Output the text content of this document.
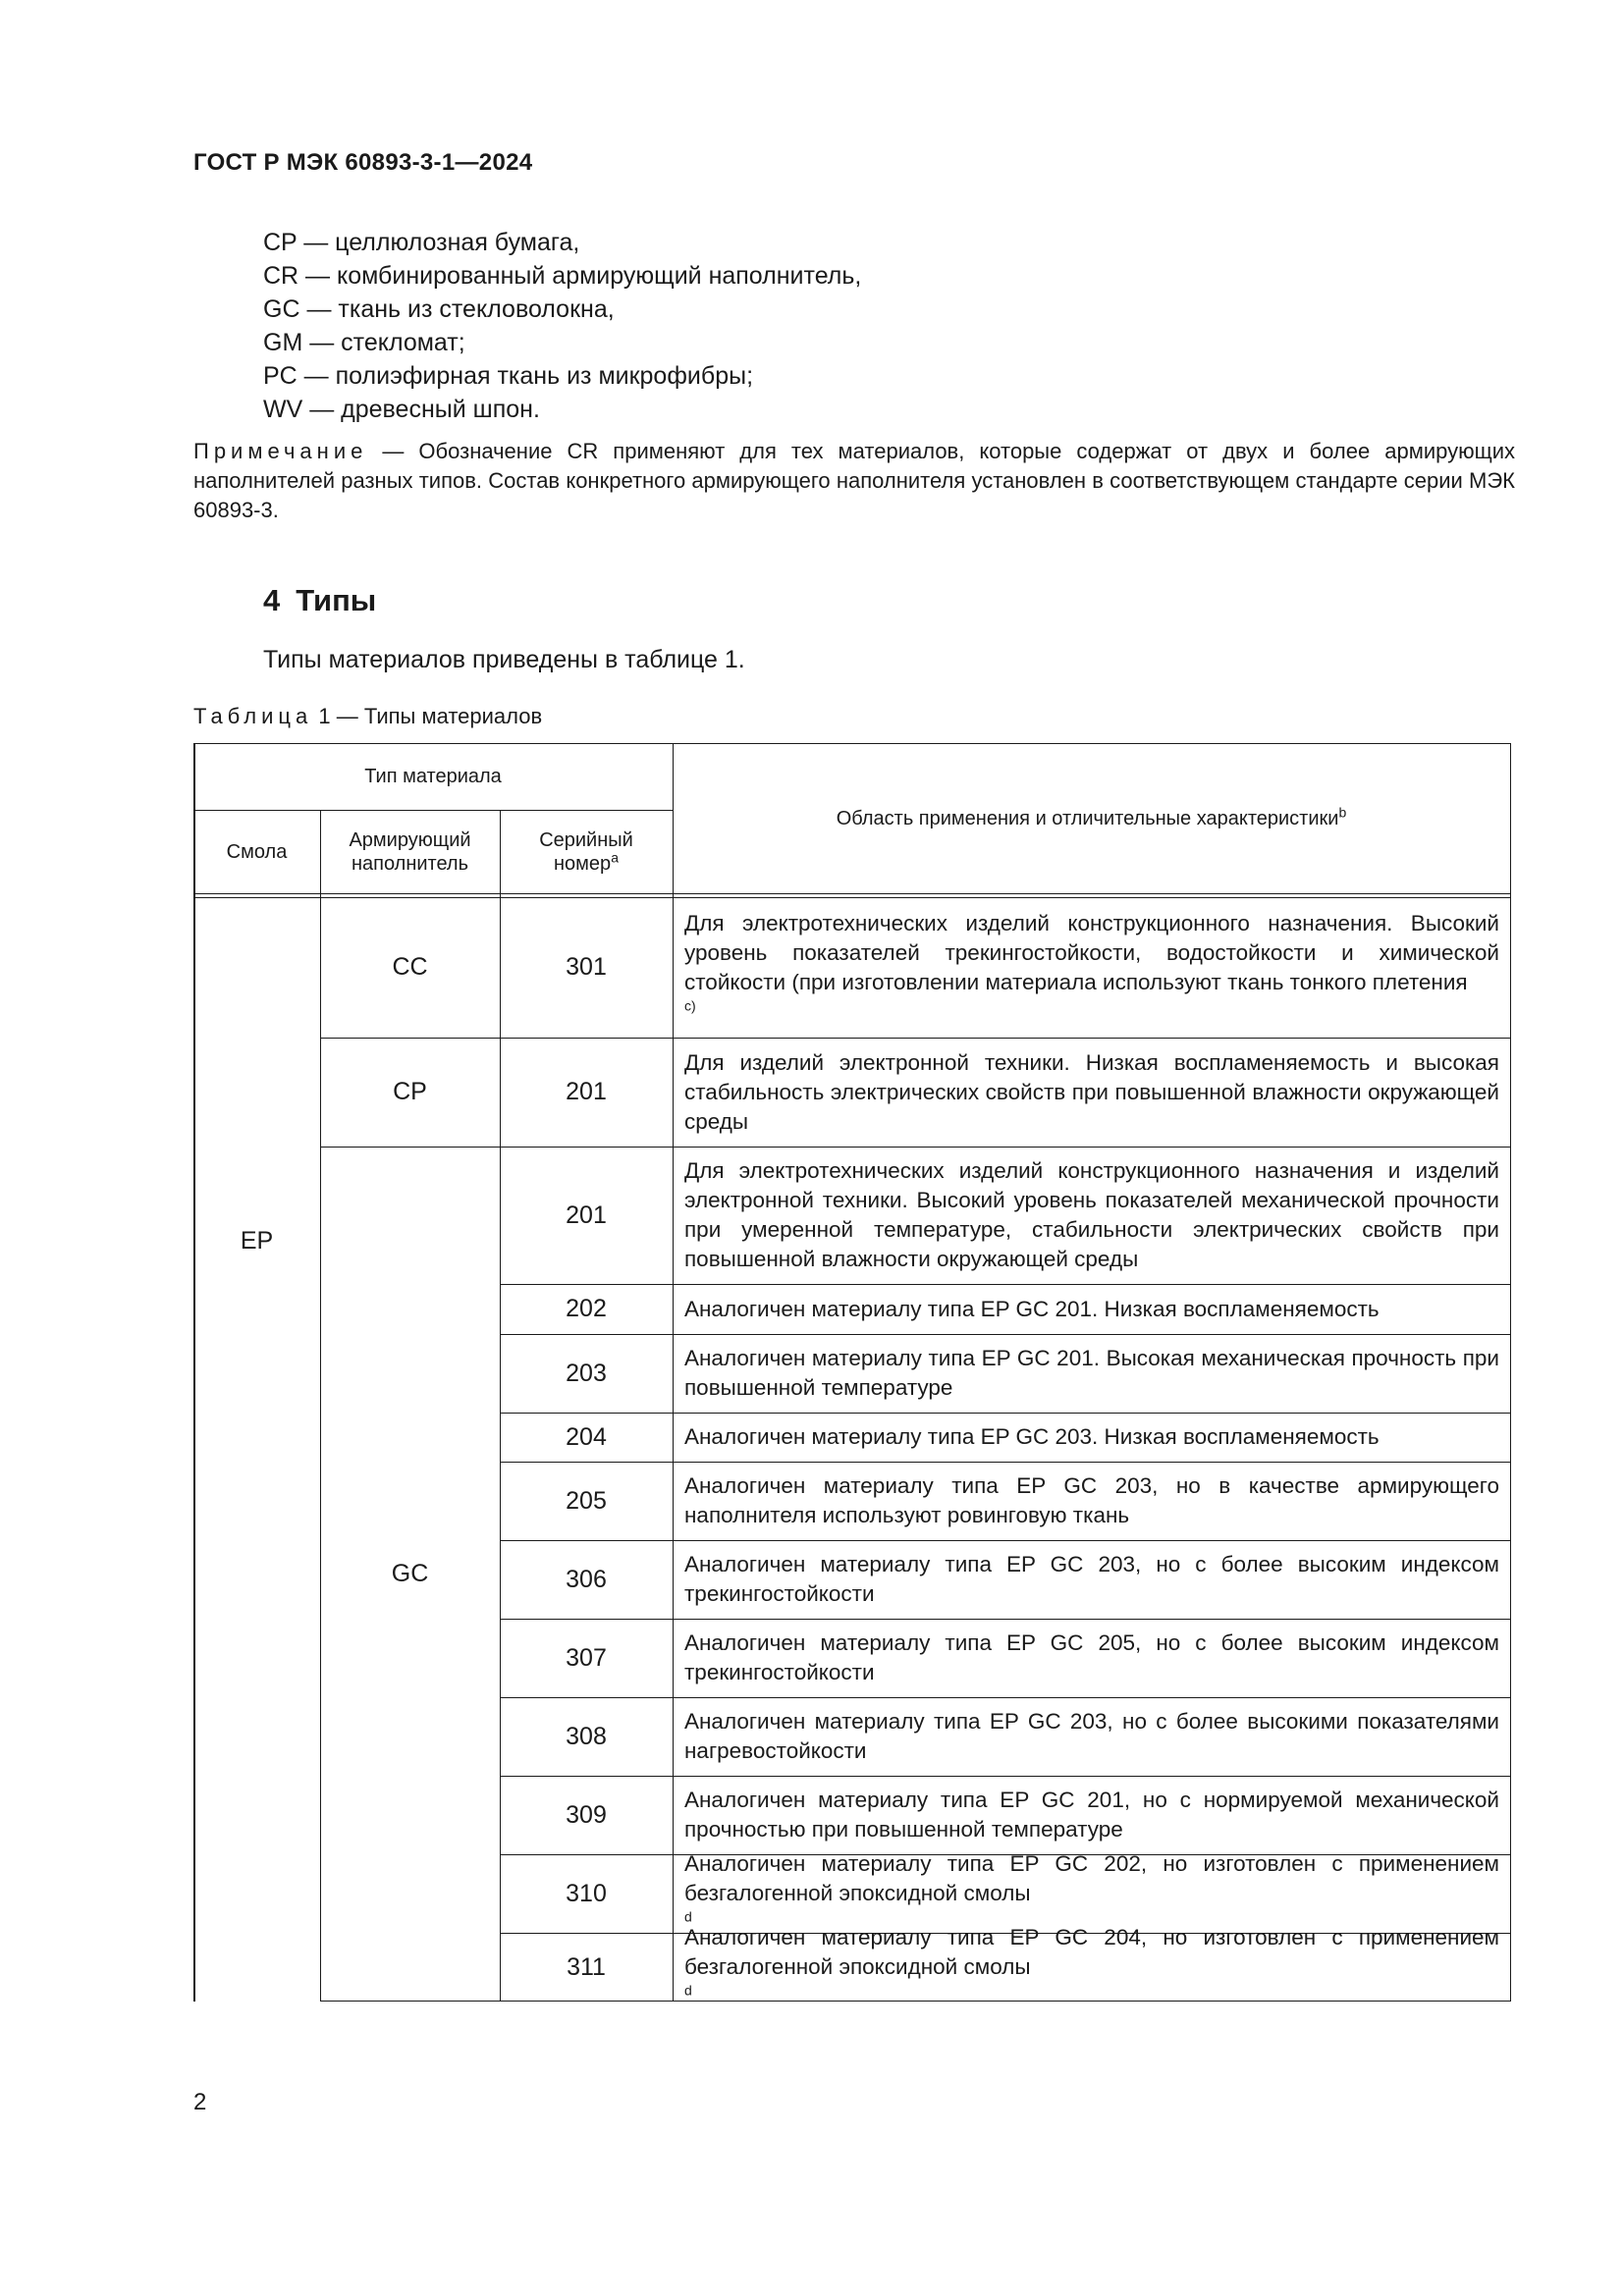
ГОСТ Р МЭК 60893-3-1—2024
CP — целлюлозная бумага,
CR — комбинированный армирующий наполнитель,
GC — ткань из стекловолокна,
GM — стекломат;
PC — полиэфирная ткань из микрофибры;
WV — древесный шпон.
Примечание — Обозначение CR применяют для тех материалов, которые содержат от двух и более армирующих наполнителей разных типов. Состав конкретного армирующего наполнителя установлен в соответствующем стандарте серии МЭК 60893-3.
4 Типы
Типы материалов приведены в таблице 1.
Таблица 1 — Типы материалов
Тип материала
Смола
Армирующий
наполнитель
Серийный
номер$^a$
Область применения и отличительные характеристики$^b$
EP
CC
CP
GC
301
201
201
202
203
204
205
306
307
308
309
310
311
Для электротехнических изделий конструкционного назначения. Высокий уровень показателей трекингостойкости, водостойкости и химической стойкости (при изготовлении материала используют ткань тонкого плетения
$^{c)}$
Для изделий электронной техники. Низкая воспламеняемость и высокая стабильность электрических свойств при повышенной влажности окружающей среды
Для электротехнических изделий конструкционного назначения и изделий электронной техники. Высокий уровень показателей механической прочности при умеренной температуре, стабильности электрических свойств при повышенной влажности окружающей среды
Аналогичен материалу типа EP GC 201. Низкая воспламеняемость
Аналогичен материалу типа EP GC 201. Высокая механическая прочность при повышенной температуре
Аналогичен материалу типа EP GC 203. Низкая воспламеняемость
Аналогичен материалу типа EP GC 203, но в качестве армирующего наполнителя используют ровинговую ткань
Аналогичен материалу типа EP GC 203, но с более высоким индексом трекингостойкости
Аналогичен материалу типа EP GC 205, но с более высоким индексом трекингостойкости
Аналогичен материалу типа EP GC 203, но с более высокими показателями нагревостойкости
Аналогичен материалу типа EP GC 201, но с нормируемой механической прочностью при повышенной температуре
Аналогичен материалу типа EP GC 202, но изготовлен с применением безгалогенной эпоксидной смолы
$^d$
Аналогичен материалу типа EP GC 204, но изготовлен с применением безгалогенной эпоксидной смолы
$^d$
2
